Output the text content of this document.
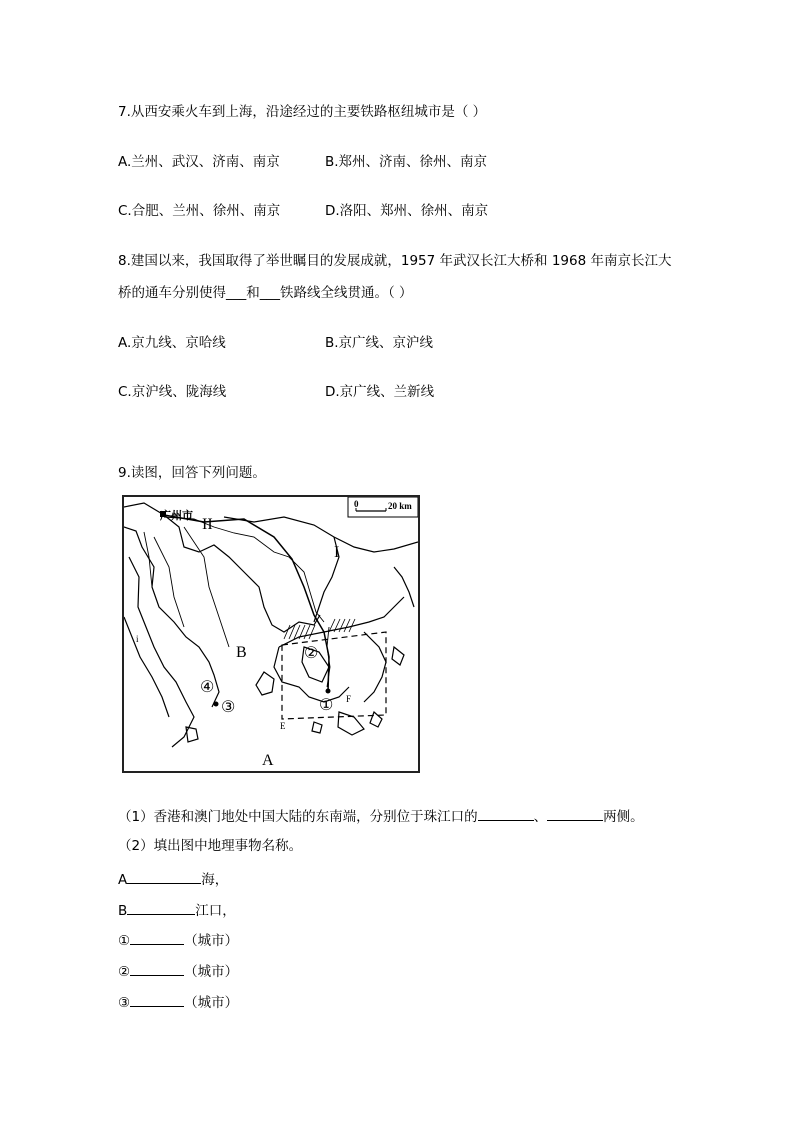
7.从西安乘火车到上海，沿途经过的主要铁路枢纽城市是（ ）
A.兰州、武汉、济南、南京	B.郑州、济南、徐州、南京
C.合肥、兰州、徐州、南京	D.洛阳、郑州、徐州、南京
8.建国以来，我国取得了举世瞩目的发展成就，1957 年武汉长江大桥和 1968 年南京长江大
桥的通车分别使得___和___铁路线全线贯通。（ ）
A.京九线、京哈线	B.京广线、京沪线
C.京沪线、陇海线	D.京广线、兰新线
9.读图，回答下列问题。
0	20 km
广州市
II
I
B
A
E
F
i
①
②
③
④
（1）香港和澳门地处中国大陆的东南端，分别位于珠江口的	、	两侧。
（2）填出图中地理事物名称。
A	海，
B	江口，
①	（城市）
②	（城市）
③	（城市）
